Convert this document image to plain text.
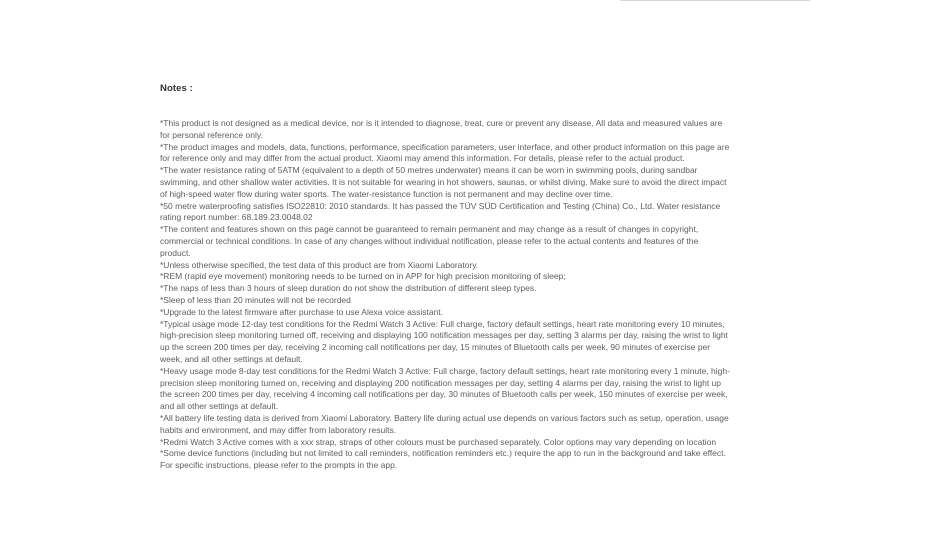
Notes :
*This product is not designed as a medical device, nor is it intended to diagnose, treat, cure or prevent any disease. All data and measured values are for personal reference only.
*The product images and models, data, functions, performance, specification parameters, user interface, and other product information on this page are for reference only and may differ from the actual product. Xiaomi may amend this information. For details, please refer to the actual product.
*The water resistance rating of 5ATM (equivalent to a depth of 50 metres underwater) means it can be worn in swimming pools, during sandbar swimming, and other shallow water activities. It is not suitable for wearing in hot showers, saunas, or whilst diving. Make sure to avoid the direct impact of high-speed water flow during water sports. The water-resistance function is not permanent and may decline over time.
*50 metre waterproofing satisfies ISO22810: 2010 standards. It has passed the TÜV SÜD Certification and Testing (China) Co., Ltd. Water resistance rating report number: 68.189.23.0048.02
*The content and features shown on this page cannot be guaranteed to remain permanent and may change as a result of changes in copyright, commercial or technical conditions. In case of any changes without individual notification, please refer to the actual contents and features of the product.
*Unless otherwise specified, the test data of this product are from Xiaomi Laboratory.
*REM (rapid eye movement) monitoring needs to be turned on in APP for high precision monitoring of sleep;
*The naps of less than 3 hours of sleep duration do not show the distribution of different sleep types.
*Sleep of less than 20 minutes will not be recorded
*Upgrade to the latest firmware after purchase to use Alexa voice assistant.
*Typical usage mode 12-day test conditions for the Redmi Watch 3 Active: Full charge, factory default settings, heart rate monitoring every 10 minutes, high-precision sleep monitoring turned off, receiving and displaying 100 notification messages per day, setting 3 alarms per day, raising the wrist to light up the screen 200 times per day, receiving 2 incoming call notifications per day, 15 minutes of Bluetooth calls per week, 90 minutes of exercise per week, and all other settings at default.
*Heavy usage mode 8-day test conditions for the Redmi Watch 3 Active: Full charge, factory default settings, heart rate monitoring every 1 minute, high-precision sleep monitoring turned on, receiving and displaying 200 notification messages per day, setting 4 alarms per day, raising the wrist to light up the screen 200 times per day, receiving 4 incoming call notifications per day, 30 minutes of Bluetooth calls per week, 150 minutes of exercise per week, and all other settings at default.
*All battery life testing data is derived from Xiaomi Laboratory. Battery life during actual use depends on various factors such as setup, operation, usage habits and environment, and may differ from laboratory results.
*Redmi Watch 3 Active comes with a xxx strap, straps of other colours must be purchased separately. Color options may vary depending on location
*Some device functions (including but not limited to call reminders, notification reminders etc.) require the app to run in the background and take effect. For specific instructions, please refer to the prompts in the app.
